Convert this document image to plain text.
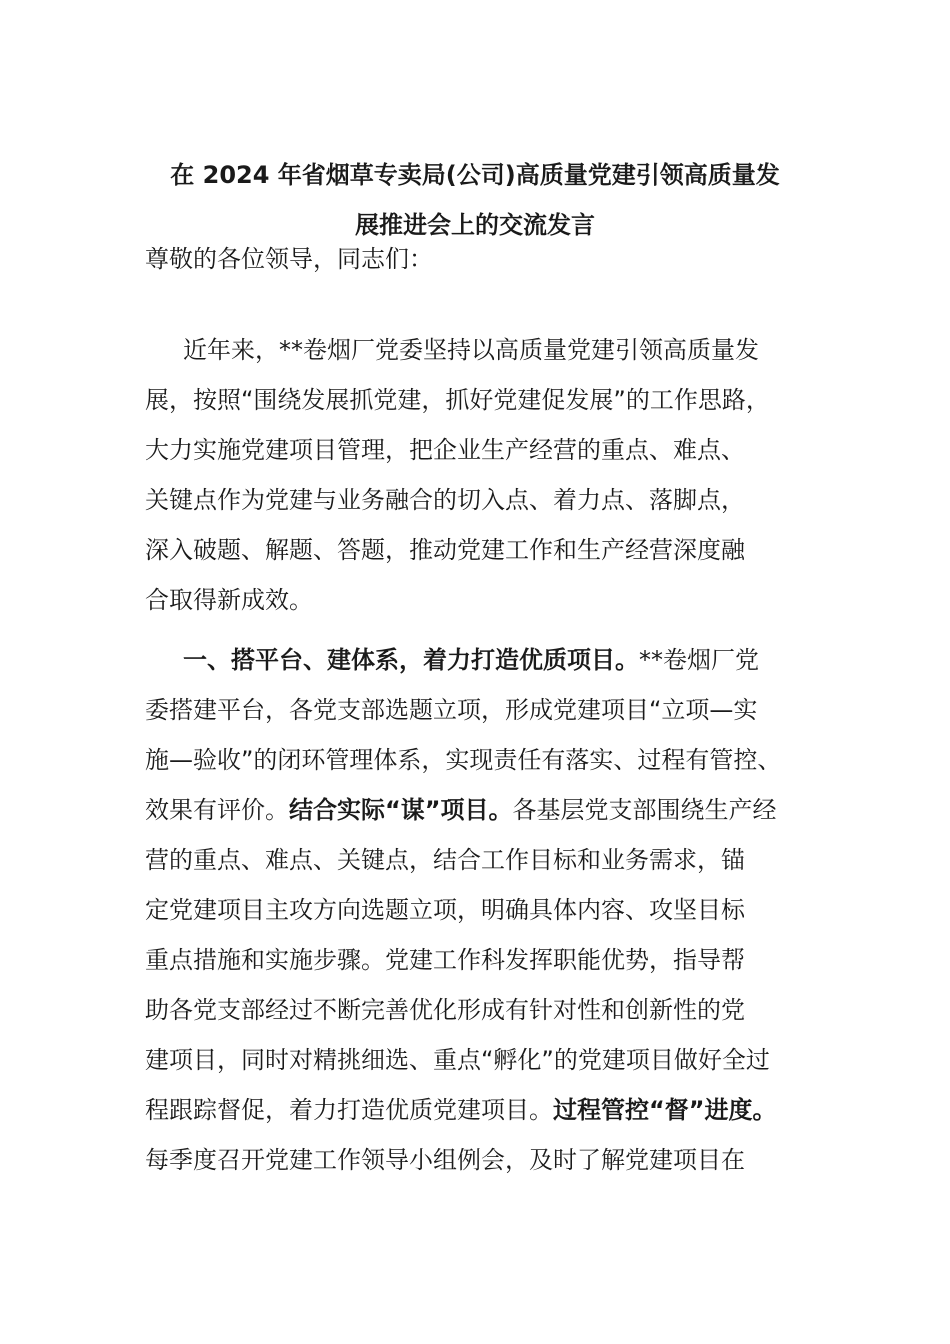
在 2024 年省烟草专卖局(公司)高质量党建引领高质量发
展推进会上的交流发言

尊敬的各位领导，同志们：

近年来，**卷烟厂党委坚持以高质量党建引领高质量发
展，按照“围绕发展抓党建，抓好党建促发展”的工作思路，
大力实施党建项目管理，把企业生产经营的重点、难点、
关键点作为党建与业务融合的切入点、着力点、落脚点，
深入破题、解题、答题，推动党建工作和生产经营深度融
合取得新成效。
一、搭平台、建体系，着力打造优质项目。**卷烟厂党
委搭建平台，各党支部选题立项，形成党建项目“立项—实
施—验收”的闭环管理体系，实现责任有落实、过程有管控、
效果有评价。结合实际“谋”项目。各基层党支部围绕生产经
营的重点、难点、关键点，结合工作目标和业务需求，锚
定党建项目主攻方向选题立项，明确具体内容、攻坚目标
重点措施和实施步骤。党建工作科发挥职能优势，指导帮
助各党支部经过不断完善优化形成有针对性和创新性的党
建项目，同时对精挑细选、重点“孵化”的党建项目做好全过
程跟踪督促，着力打造优质党建项目。过程管控“督”进度。
每季度召开党建工作领导小组例会，及时了解党建项目在
